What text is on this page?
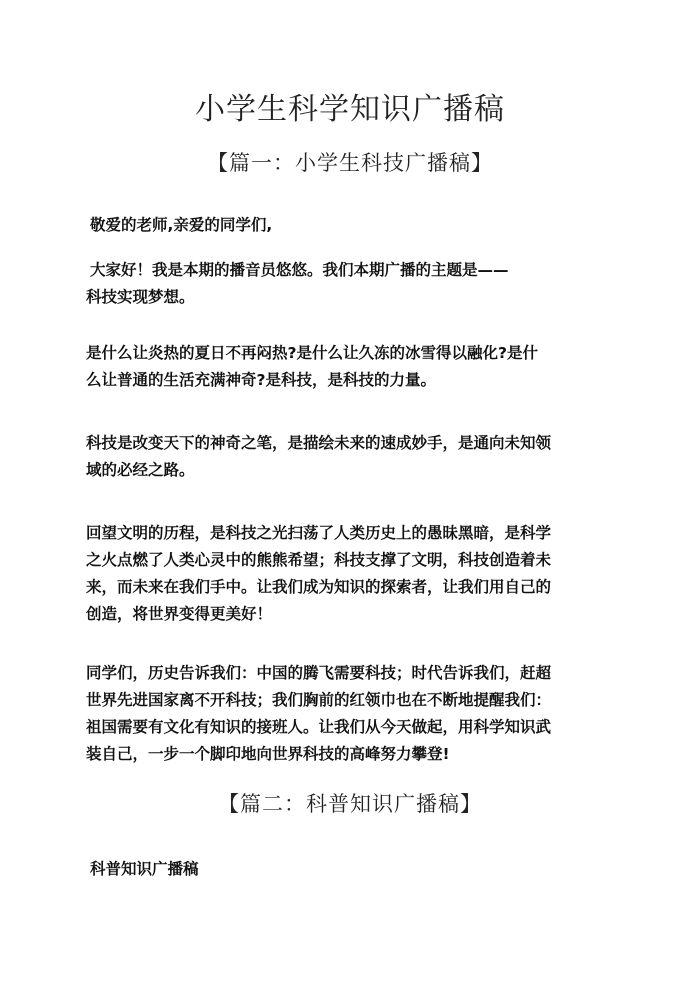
小学生科学知识广播稿
【篇一：小学生科技广播稿】
敬爱的老师,亲爱的同学们,
大家好！我是本期的播音员悠悠。我们本期广播的主题是——
科技实现梦想。
是什么让炎热的夏日不再闷热?是什么让久冻的冰雪得以融化?是什
么让普通的生活充满神奇?是科技，是科技的力量。
科技是改变天下的神奇之笔，是描绘未来的速成妙手，是通向未知领
域的必经之路。
回望文明的历程，是科技之光扫荡了人类历史上的愚昧黑暗，是科学
之火点燃了人类心灵中的熊熊希望；科技支撑了文明，科技创造着未
来，而未来在我们手中。让我们成为知识的探索者，让我们用自己的
创造，将世界变得更美好！
同学们，历史告诉我们：中国的腾飞需要科技；时代告诉我们，赶超
世界先进国家离不开科技；我们胸前的红领巾也在不断地提醒我们：
祖国需要有文化有知识的接班人。让我们从今天做起，用科学知识武
装自己，一步一个脚印地向世界科技的高峰努力攀登!
【篇二：科普知识广播稿】
科普知识广播稿
